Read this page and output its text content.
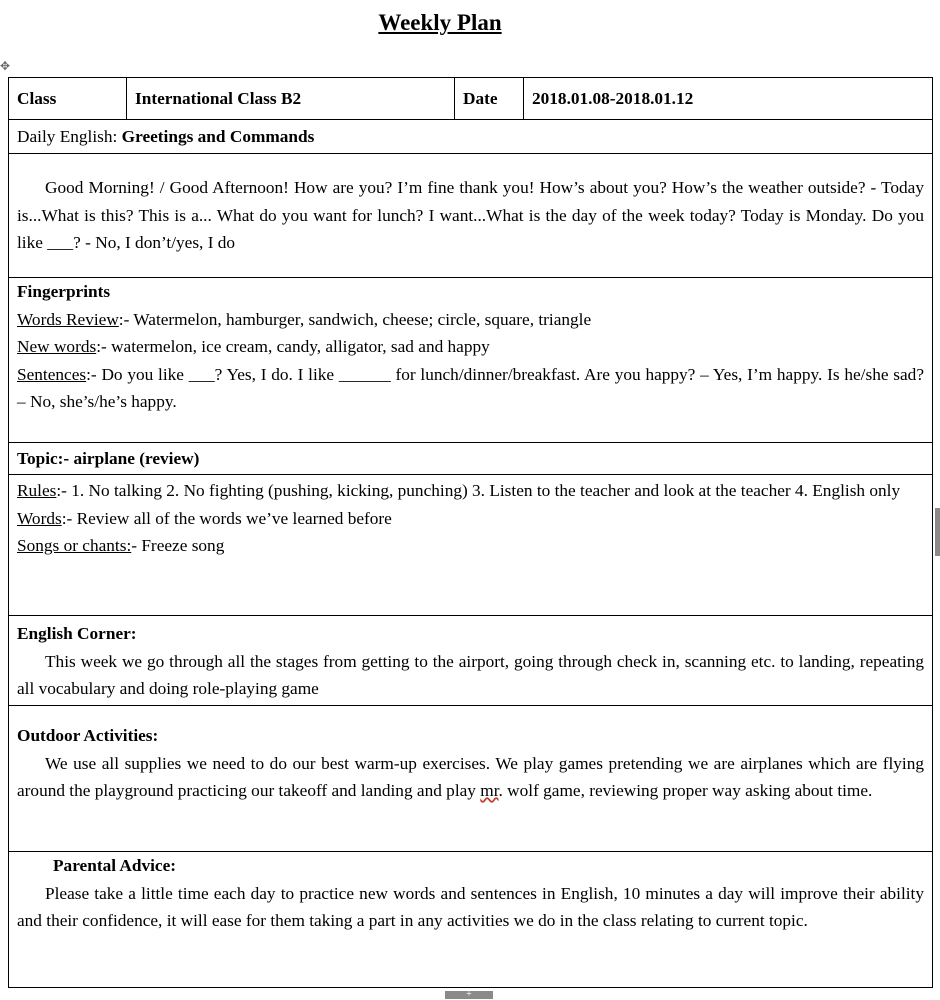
Weekly Plan
✥
Class	International Class B2	Date	2018.01.08-2018.01.12
Daily English: Greetings and Commands

Good Morning! / Good Afternoon! How are you? I’m fine thank you! How’s about you? How’s the weather outside? - Today is...What is this? This is a... What do you want for lunch? I want...What is the day of the week today? Today is Monday. Do you like ___? - No, I don’t/yes, I do

Fingerprints

Words Review:- Watermelon, hamburger, sandwich, cheese; circle, square, triangle

New words:- watermelon, ice cream, candy, alligator, sad and happy

Sentences:- Do you like ___? Yes, I do. I like ______ for lunch/dinner/breakfast. Are you happy? – Yes, I’m happy. Is he/she sad? – No, she’s/he’s happy.

Topic:- airplane (review)

Rules:- 1. No talking 2. No fighting (pushing, kicking, punching) 3. Listen to the teacher and look at the teacher 4. English only

Words:- Review all of the words we’ve learned before

Songs or chants:- Freeze song

English Corner:

This week we go through all the stages from getting to the airport, going through check in, scanning etc. to landing, repeating all vocabulary and doing role-playing game

Outdoor Activities:

We use all supplies we need to do our best warm-up exercises. We play games pretending we are airplanes which are flying around the playground practicing our takeoff and landing and play mr. wolf game, reviewing proper way asking about time.

Parental Advice:

Please take a little time each day to practice new words and sentences in English, 10 minutes a day will improve their ability and their confidence, it will ease for them taking a part in any activities we do in the class relating to current topic.

+
